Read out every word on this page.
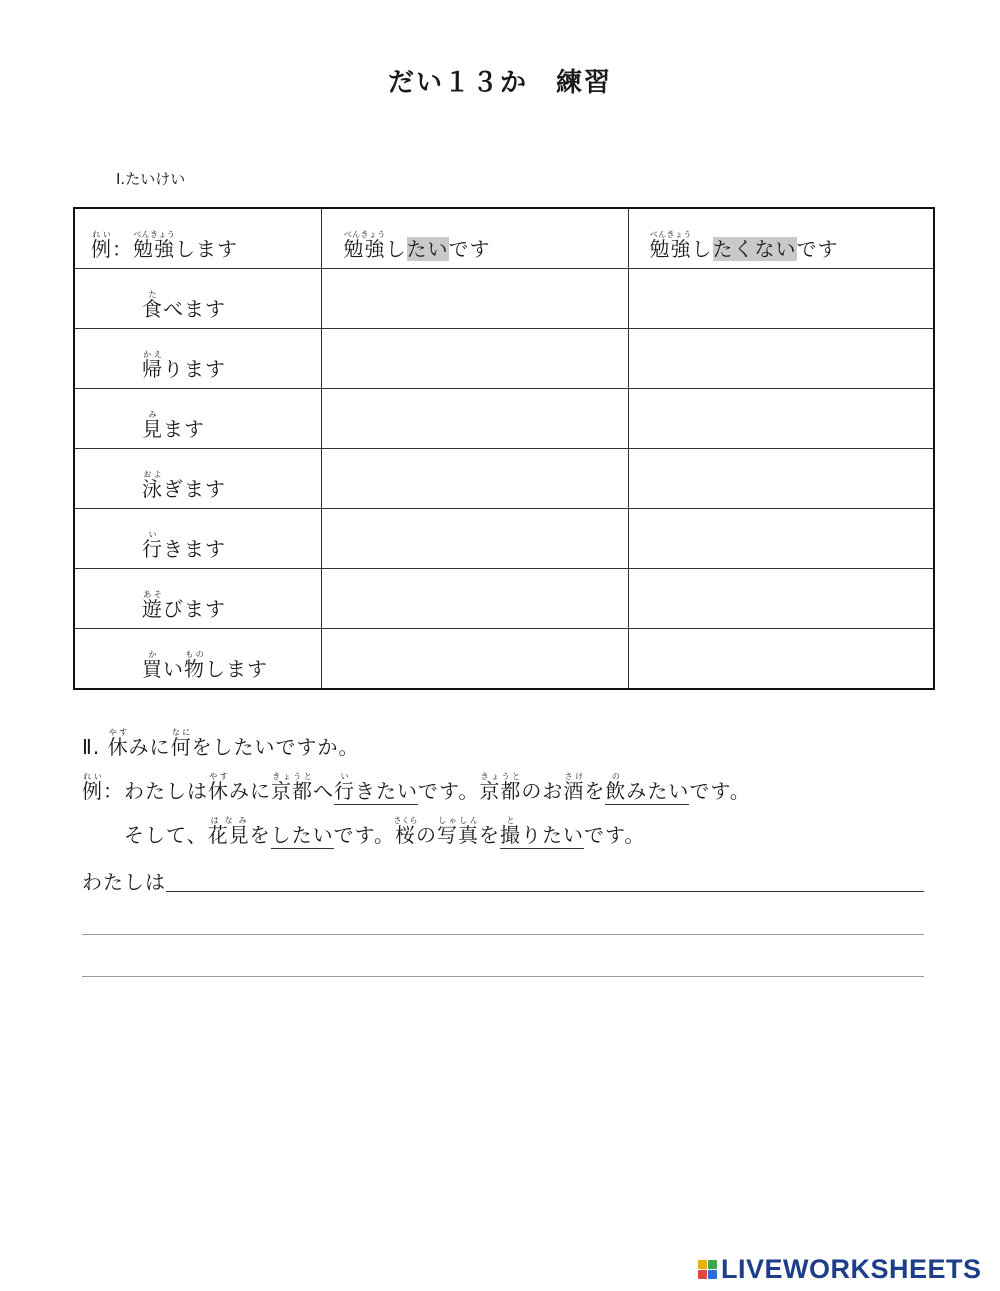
だい１３か　練習
Ⅰ.たいけい
例れい：勉強べんきょうします	勉強べんきょうしたいです	勉強べんきょうしたくないです
食たべます		
帰かえります		
見みます		
泳およぎます		
行いきます		
遊あそびます		
買かい物ものします		
Ⅱ. 休やすみに何なにをしたいですか。
例れい：わたしは休やすみに京都きょうとへ行いきたいです。京都きょうとのお酒さけを飲のみたいです。
そして、花見はなみをしたいです。桜さくらの写真しゃしんを撮とりたいです。
わたしは
LIVEWORKSHEETS
